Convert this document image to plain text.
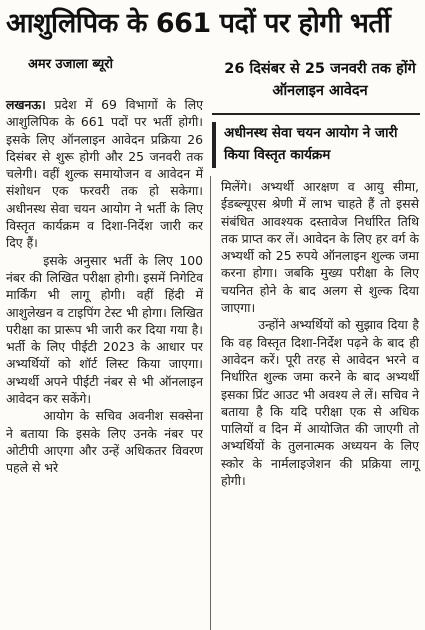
आशुलिपिक के 661 पदों पर होगी भर्ती
अमर उजाला ब्यूरो	26 दिसंबर से 25 जनवरी तक होंगे ऑनलाइन आवेदन
अधीनस्थ सेवा चयन आयोग ने जारी किया विस्तृत कार्यक्रम

लखनऊ। प्रदेश में 69 विभागों के लिए आशुलिपिक के 661 पदों पर भर्ती होगी। इसके लिए ऑनलाइन आवेदन प्रक्रिया 26 दिसंबर से शुरू होगी और 25 जनवरी तक चलेगी। वहीं शुल्क समायोजन व आवेदन में संशोधन एक फरवरी तक हो सकेगा। अधीनस्थ सेवा चयन आयोग ने भर्ती के लिए विस्तृत कार्यक्रम व दिशा-निर्देश जारी कर दिए हैं।

इसके अनुसार भर्ती के लिए 100 नंबर की लिखित परीक्षा होगी। इसमें निगेटिव मार्किंग भी लागू होगी। वहीं हिंदी में आशुलेखन व टाइपिंग टेस्ट भी होगा। लिखित परीक्षा का प्रारूप भी जारी कर दिया गया है। भर्ती के लिए पीईटी 2023 के आधार पर अभ्यर्थियों को शॉर्ट लिस्ट किया जाएगा। अभ्यर्थी अपने पीईटी नंबर से भी ऑनलाइन आवेदन कर सकेंगे।

आयोग के सचिव अवनीश सक्सेना ने बताया कि इसके लिए उनके नंबर पर ओटीपी आएगा और उन्हें अधिकतर विवरण पहले से भरे

मिलेंगे। अभ्यर्थी आरक्षण व आयु सीमा, ईडब्ल्यूएस श्रेणी में लाभ चाहते हैं तो इससे संबंधित आवश्यक दस्तावेज निर्धारित तिथि तक प्राप्त कर लें। आवेदन के लिए हर वर्ग के अभ्यर्थी को 25 रुपये ऑनलाइन शुल्क जमा करना होगा। जबकि मुख्य परीक्षा के लिए चयनित होने के बाद अलग से शुल्क दिया जाएगा।

उन्होंने अभ्यर्थियों को सुझाव दिया है कि वह विस्तृत दिशा-निर्देश पढ़ने के बाद ही आवेदन करें। पूरी तरह से आवेदन भरने व निर्धारित शुल्क जमा करने के बाद अभ्यर्थी इसका प्रिंट आउट भी अवश्य ले लें। सचिव ने बताया है कि यदि परीक्षा एक से अधिक पालियों व दिन में आयोजित की जाएगी तो अभ्यर्थियों के तुलनात्मक अध्ययन के लिए स्कोर के नार्मलाइजेशन की प्रक्रिया लागू होगी।
